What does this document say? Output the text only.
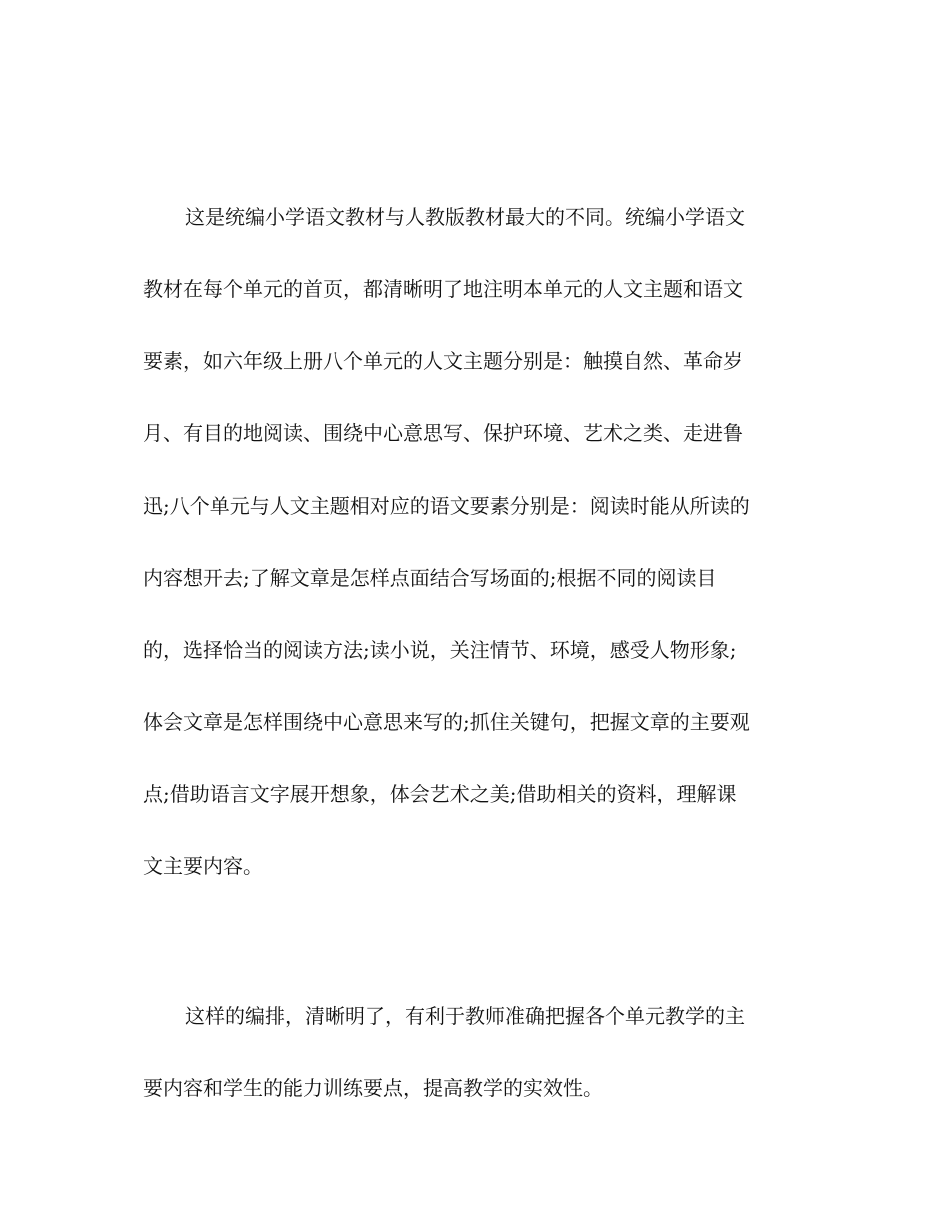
这是统编小学语文教材与人教版教材最大的不同。统编小学语文
教材在每个单元的首页，都清晰明了地注明本单元的人文主题和语文
要素，如六年级上册八个单元的人文主题分别是：触摸自然、革命岁
月、有目的地阅读、围绕中心意思写、保护环境、艺术之类、走进鲁
迅;八个单元与人文主题相对应的语文要素分别是：阅读时能从所读的
内容想开去;了解文章是怎样点面结合写场面的;根据不同的阅读目
的，选择恰当的阅读方法;读小说，关注情节、环境，感受人物形象;
体会文章是怎样围绕中心意思来写的;抓住关键句，把握文章的主要观
点;借助语言文字展开想象，体会艺术之美;借助相关的资料，理解课
文主要内容。
这样的编排，清晰明了，有利于教师准确把握各个单元教学的主
要内容和学生的能力训练要点，提高教学的实效性。
